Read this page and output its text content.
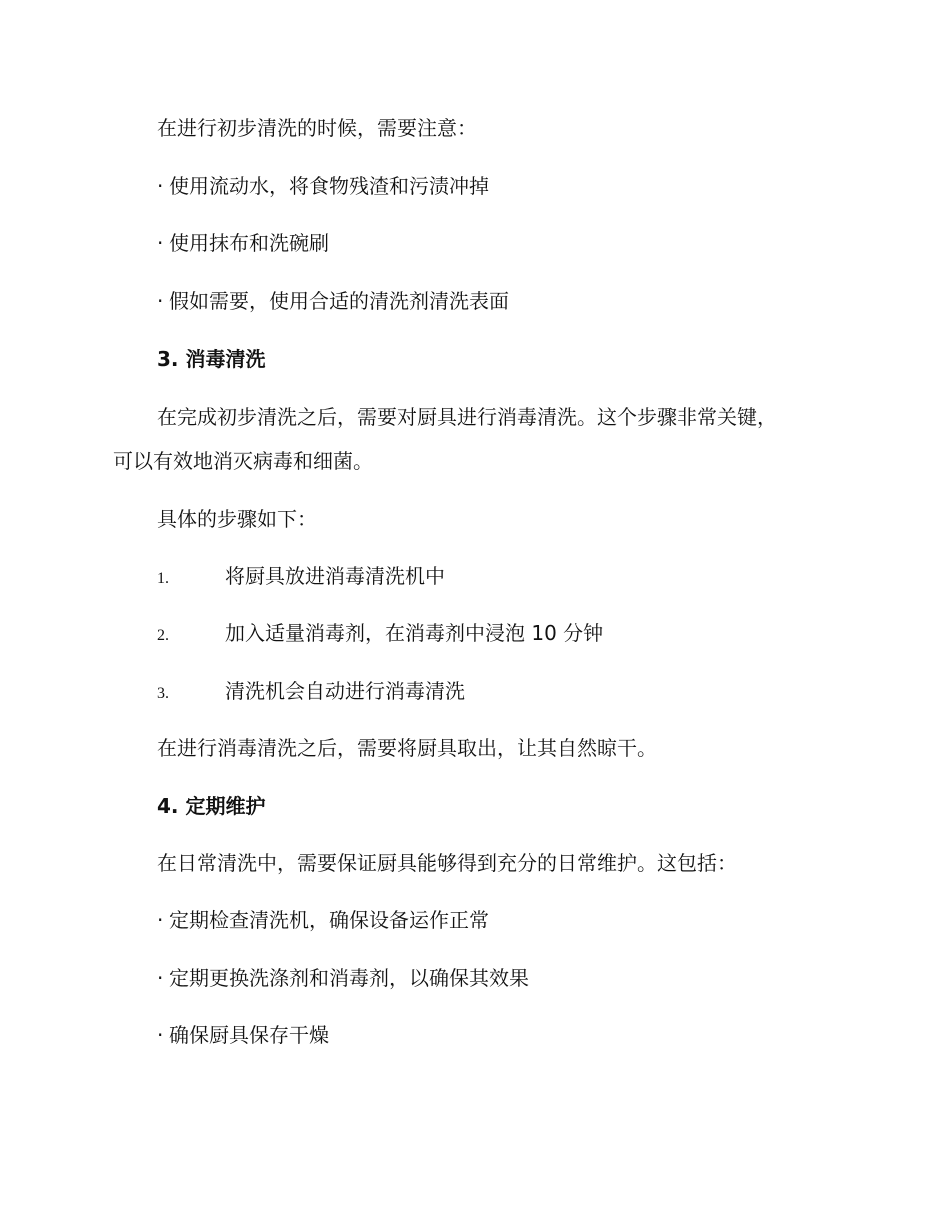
在进行初步清洗的时候，需要注意：
· 使用流动水，将食物残渣和污渍冲掉
· 使用抹布和洗碗刷
· 假如需要，使用合适的清洗剂清洗表面
3. 消毒清洗
在完成初步清洗之后，需要对厨具进行消毒清洗。这个步骤非常关键，
可以有效地消灭病毒和细菌。
具体的步骤如下：
1.	将厨具放进消毒清洗机中
2.	加入适量消毒剂，在消毒剂中浸泡 10 分钟
3.	清洗机会自动进行消毒清洗
在进行消毒清洗之后，需要将厨具取出，让其自然晾干。
4. 定期维护
在日常清洗中，需要保证厨具能够得到充分的日常维护。这包括：
· 定期检查清洗机，确保设备运作正常
· 定期更换洗涤剂和消毒剂，以确保其效果
· 确保厨具保存干燥
